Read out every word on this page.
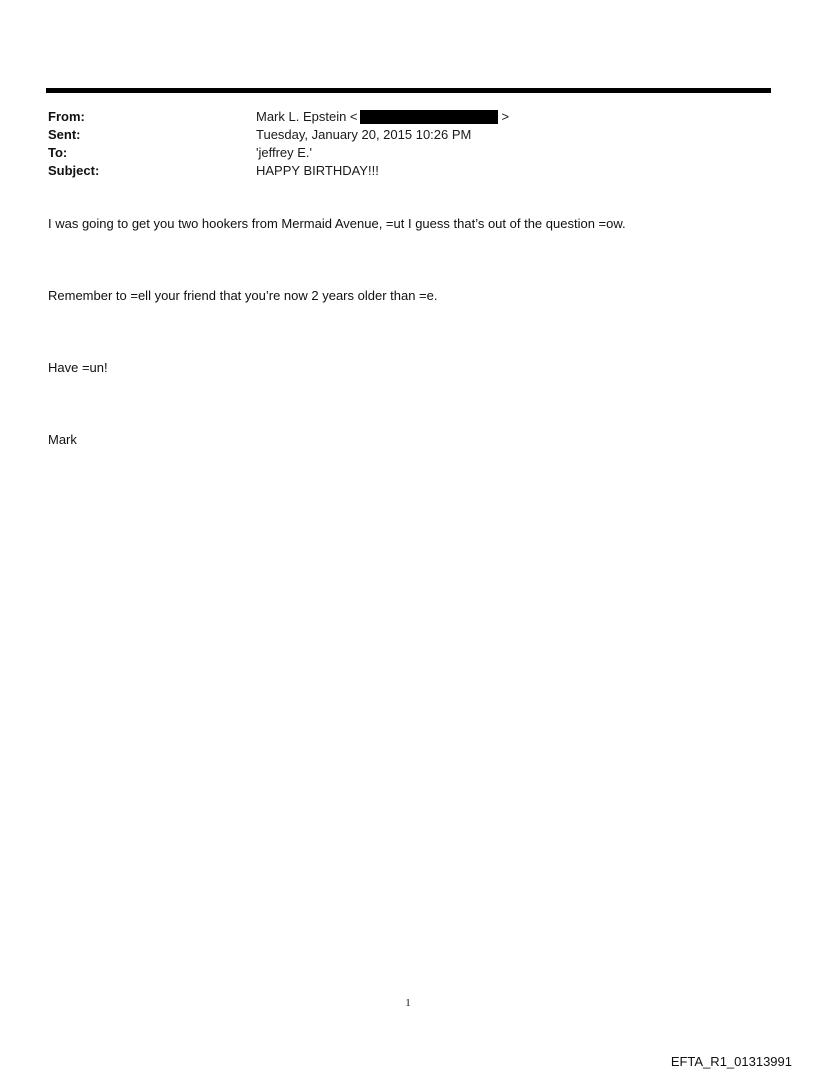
From:	Mark L. Epstein <	>
Sent:	Tuesday, January 20, 2015 10:26 PM
To:	'jeffrey E.'
Subject:	HAPPY BIRTHDAY!!!
I was going to get you two hookers from Mermaid Avenue, =ut I guess that’s out of the question =ow.
Remember to =ell your friend that you’re now 2 years older than =e.
Have =un!
Mark
1
EFTA_R1_01313991
